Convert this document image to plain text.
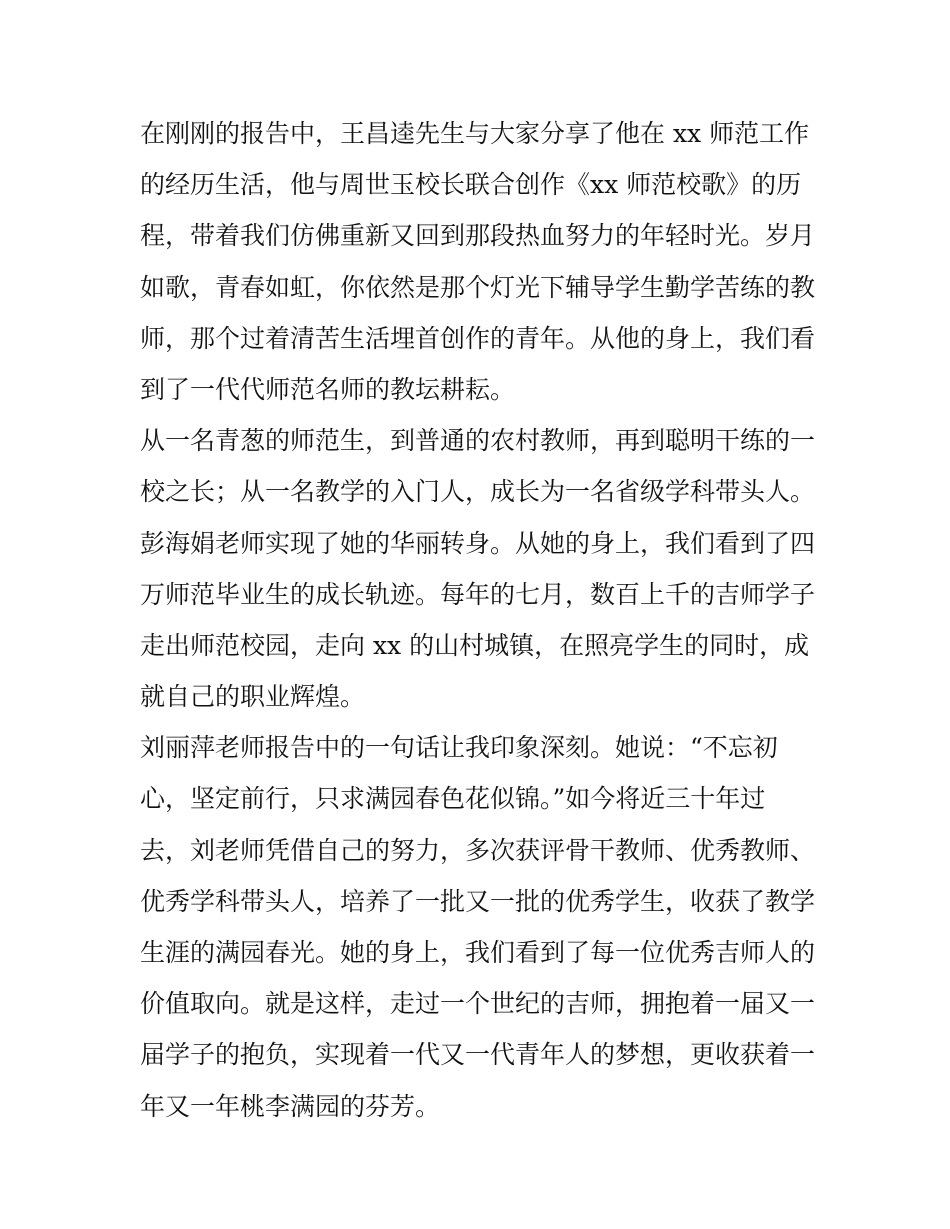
在刚刚的报告中，王昌逵先生与大家分享了他在 xx 师范工作
的经历生活，他与周世玉校长联合创作《xx 师范校歌》的历
程，带着我们仿佛重新又回到那段热血努力的年轻时光。岁月
如歌，青春如虹，你依然是那个灯光下辅导学生勤学苦练的教
师，那个过着清苦生活埋首创作的青年。从他的身上，我们看
到了一代代师范名师的教坛耕耘。
从一名青葱的师范生，到普通的农村教师，再到聪明干练的一
校之长；从一名教学的入门人，成长为一名省级学科带头人。
彭海娟老师实现了她的华丽转身。从她的身上，我们看到了四
万师范毕业生的成长轨迹。每年的七月，数百上千的吉师学子
走出师范校园，走向 xx 的山村城镇，在照亮学生的同时，成
就自己的职业辉煌。
刘丽萍老师报告中的一句话让我印象深刻。她说：“不忘初
心，坚定前行，只求满园春色花似锦。”如今将近三十年过
去，刘老师凭借自己的努力，多次获评骨干教师、优秀教师、
优秀学科带头人，培养了一批又一批的优秀学生，收获了教学
生涯的满园春光。她的身上，我们看到了每一位优秀吉师人的
价值取向。就是这样，走过一个世纪的吉师，拥抱着一届又一
届学子的抱负，实现着一代又一代青年人的梦想，更收获着一
年又一年桃李满园的芬芳。
